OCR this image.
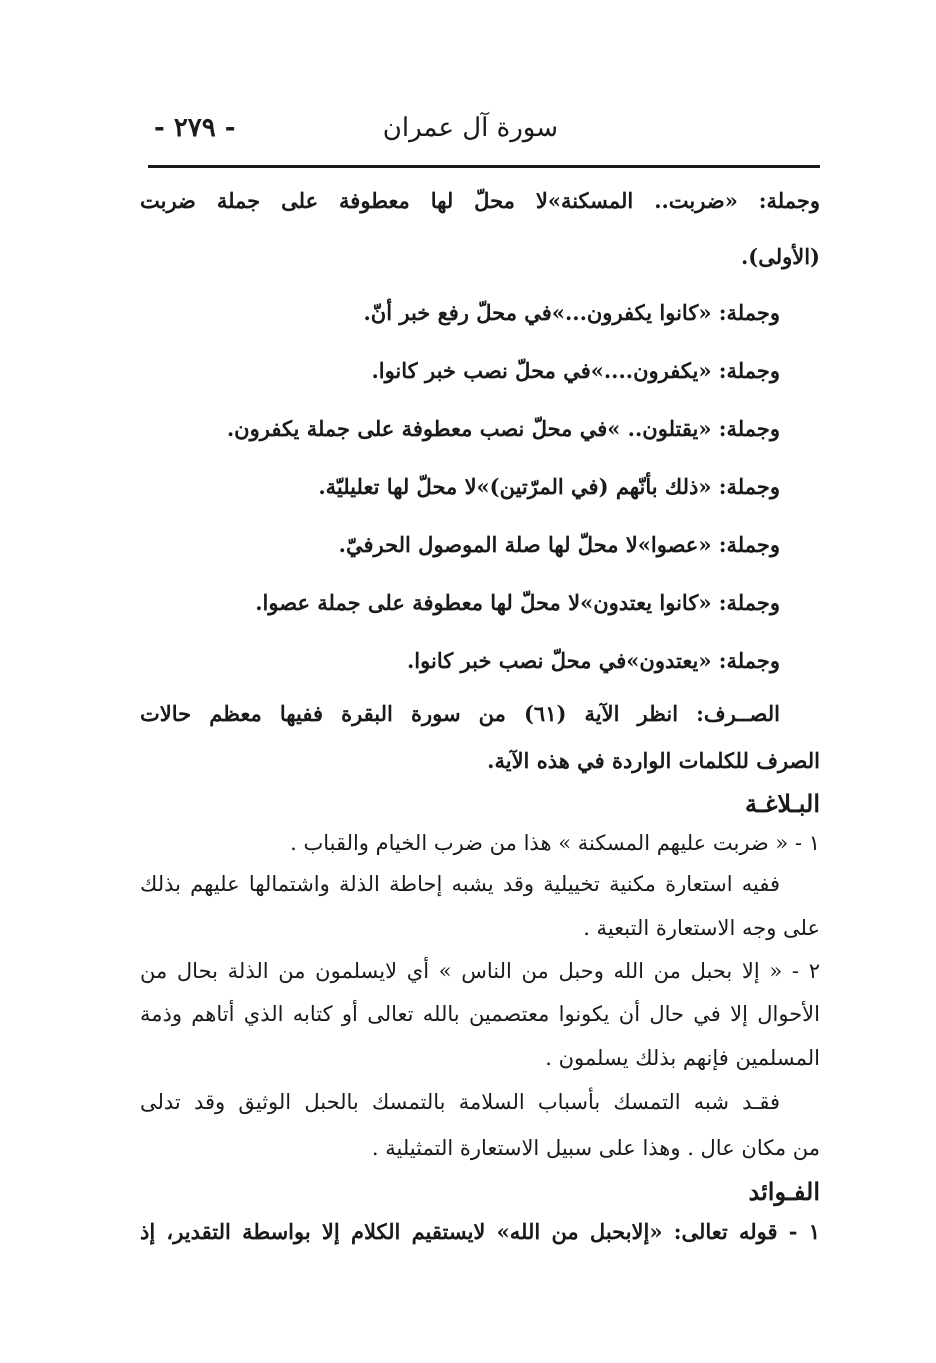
سورة آل عمران
- ٢٧٩ -
وجملة: «ضربت.. المسكنة»لا محلّ لها معطوفة على جملة ضربت
(الأولى).
وجملة: «كانوا يكفرون...»في محلّ رفع خبر أنّ.
وجملة: «يكفرون....»في محلّ نصب خبر كانوا.
وجملة: «يقتلون.. »في محلّ نصب معطوفة على جملة يكفرون.
وجملة: «ذلك بأنّهم (في المرّتين)»لا محلّ لها تعليليّة.
وجملة: «عصوا»لا محلّ لها صلة الموصول الحرفيّ.
وجملة: «كانوا يعتدون»لا محلّ لها معطوفة على جملة عصوا.
وجملة: «يعتدون»في محلّ نصب خبر كانوا.
الصــرف: انظر الآية (٦١) من سورة البقرة ففيها معظم حالات
الصرف للكلمات الواردة في هذه الآية.
البـلاغـة
١ - « ضربت عليهم المسكنة » هذا من ضرب الخيام والقباب .
ففيه استعارة مكنية تخييلية وقد يشبه إحاطة الذلة واشتمالها عليهم بذلك
على وجه الاستعارة التبعية .
٢ - « إلا بحبل من الله وحبل من الناس » أي لايسلمون من الذلة بحال من
الأحوال إلا في حال أن يكونوا معتصمين بالله تعالى أو كتابه الذي أتاهم وذمة
المسلمين فإنهم بذلك يسلمون .
فقـد شبه التمسك بأسباب السلامة بالتمسك بالحبل الوثيق وقد تدلى
من مكان عال . وهذا على سبيل الاستعارة التمثيلية .
الفـوائد
١ - قوله تعالى: «إلابحبل من الله» لايستقيم الكلام إلا بواسطة التقدير، إذ
